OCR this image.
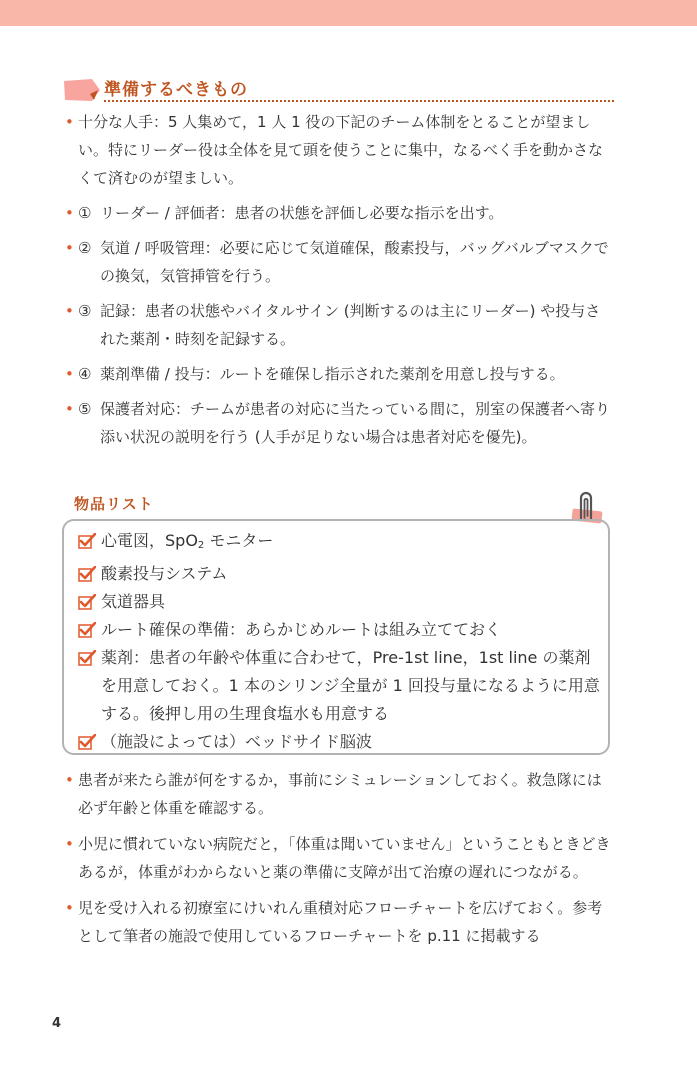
準備するべきもの
• 十分な人手：5 人集めて，1 人 1 役の下記のチーム体制をとることが望ましい。特にリーダー役は全体を見て頭を使うことに集中，なるべく手を動かさなくて済むのが望ましい。
• ① リーダー / 評価者：患者の状態を評価し必要な指示を出す。
• ② 気道 / 呼吸管理：必要に応じて気道確保，酸素投与，バッグバルブマスクでの換気，気管挿管を行う。
• ③ 記録：患者の状態やバイタルサイン (判断するのは主にリーダー) や投与された薬剤・時刻を記録する。
• ④ 薬剤準備 / 投与：ルートを確保し指示された薬剤を用意し投与する。
• ⑤ 保護者対応：チームが患者の対応に当たっている間に，別室の保護者へ寄り添い状況の説明を行う (人手が足りない場合は患者対応を優先)。
物品リスト
心電図，SpO2 モニター
酸素投与システム
気道器具
ルート確保の準備：あらかじめルートは組み立てておく
薬剤：患者の年齢や体重に合わせて，Pre-1st line，1st line の薬剤を用意しておく。1 本のシリンジ全量が 1 回投与量になるように用意する。後押し用の生理食塩水も用意する
（施設によっては）ベッドサイド脳波
• 患者が来たら誰が何をするか，事前にシミュレーションしておく。救急隊には必ず年齢と体重を確認する。
• 小児に慣れていない病院だと，「体重は聞いていません」ということもときどきあるが，体重がわからないと薬の準備に支障が出て治療の遅れにつながる。
• 児を受け入れる初療室にけいれん重積対応フローチャートを広げておく。参考として筆者の施設で使用しているフローチャートを p.11 に掲載する
4
